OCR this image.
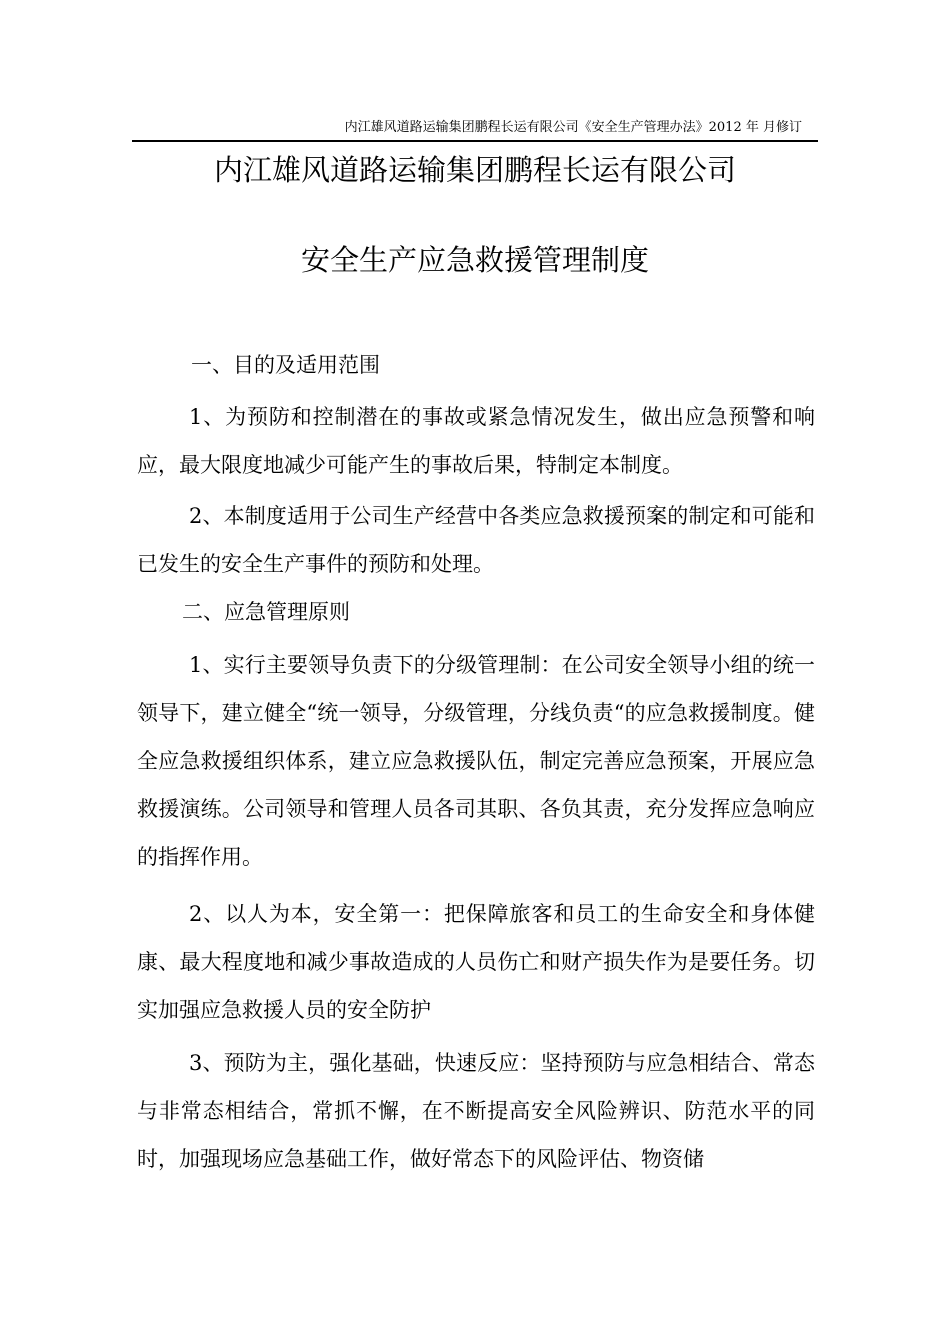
内江雄风道路运输集团鹏程长运有限公司《安全生产管理办法》2012 年 月修订
内江雄风道路运输集团鹏程长运有限公司
安全生产应急救援管理制度
一、目的及适用范围

1、为预防和控制潜在的事故或紧急情况发生，做出应急预警和响应，最大限度地减少可能产生的事故后果，特制定本制度。

2、本制度适用于公司生产经营中各类应急救援预案的制定和可能和已发生的安全生产事件的预防和处理。

二、应急管理原则

1、实行主要领导负责下的分级管理制：在公司安全领导小组的统一领导下，建立健全“统一领导，分级管理，分线负责“的应急救援制度。健全应急救援组织体系，建立应急救援队伍，制定完善应急预案，开展应急救援演练。公司领导和管理人员各司其职、各负其责，充分发挥应急响应的指挥作用。

2、以人为本，安全第一：把保障旅客和员工的生命安全和身体健康、最大程度地和减少事故造成的人员伤亡和财产损失作为是要任务。切实加强应急救援人员的安全防护

3、预防为主，强化基础，快速反应：坚持预防与应急相结合、常态与非常态相结合，常抓不懈，在不断提高安全风险辨识、防范水平的同时，加强现场应急基础工作，做好常态下的风险评估、物资储
